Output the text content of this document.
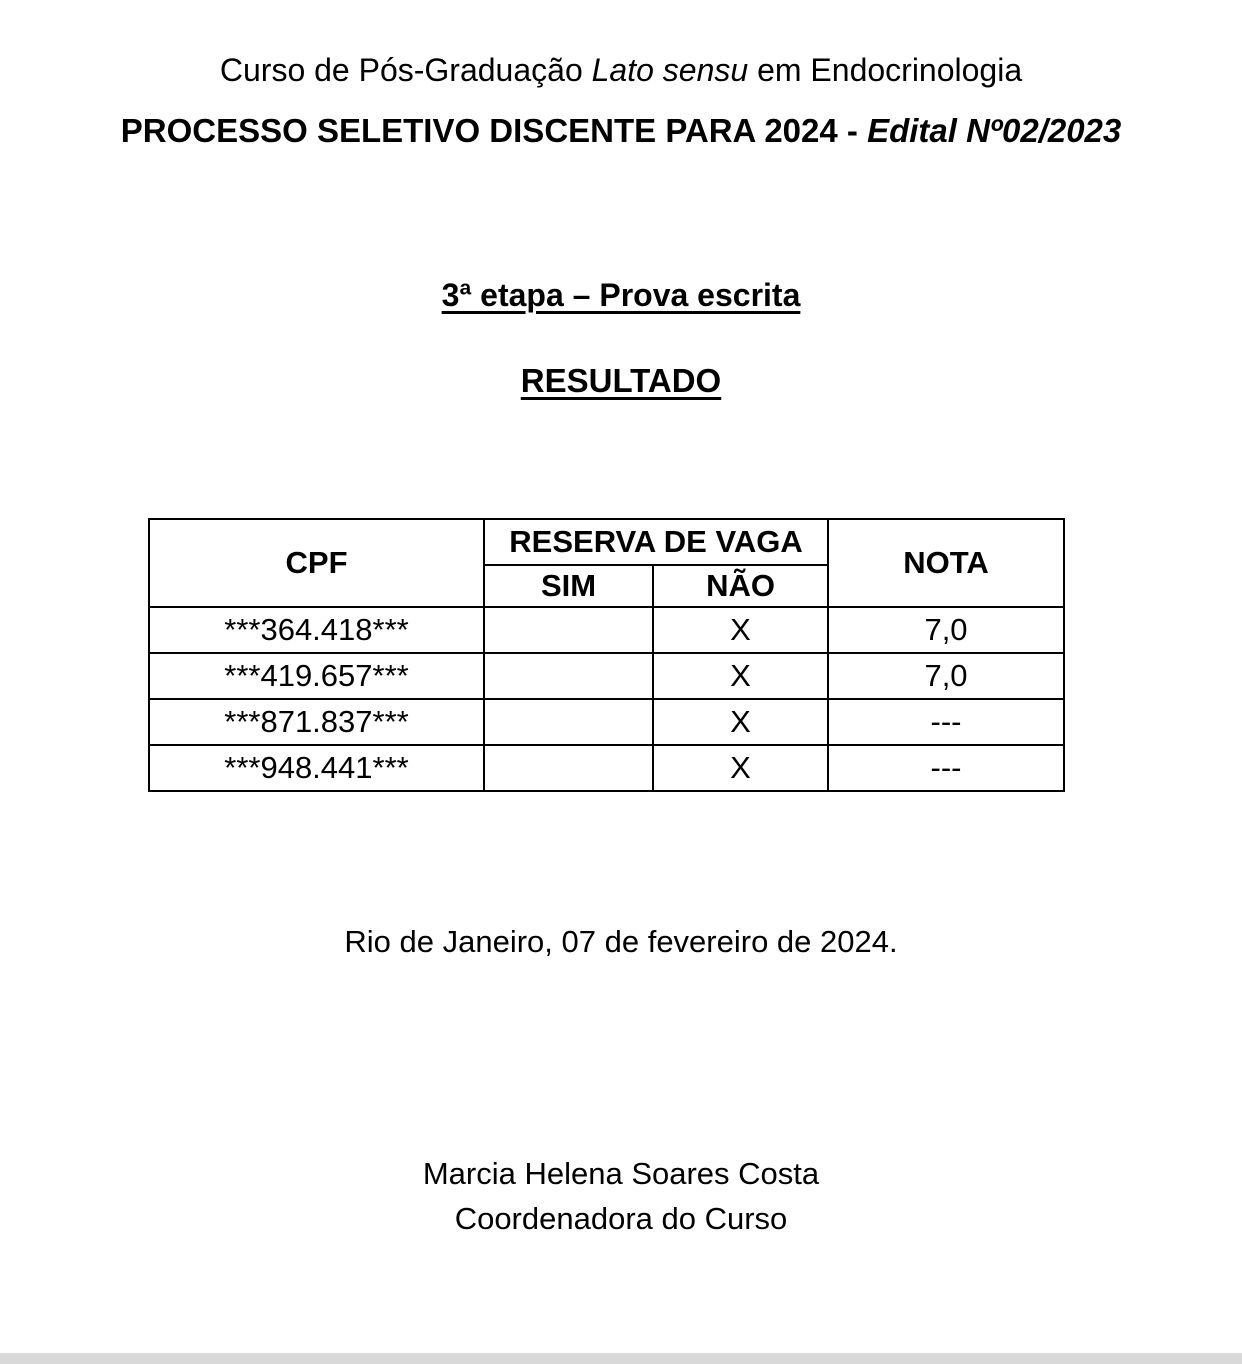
Curso de Pós-Graduação Lato sensu em Endocrinologia
PROCESSO SELETIVO DISCENTE PARA 2024 - Edital Nº02/2023
3ª etapa – Prova escrita
RESULTADO
CPF	RESERVA DE VAGA		NOTA
	SIM	NÃO	
***364.418***		X	7,0
***419.657***		X	7,0
***871.837***		X	---
***948.441***		X	---
Rio de Janeiro, 07 de fevereiro de 2024.
Marcia Helena Soares Costa
Coordenadora do Curso
